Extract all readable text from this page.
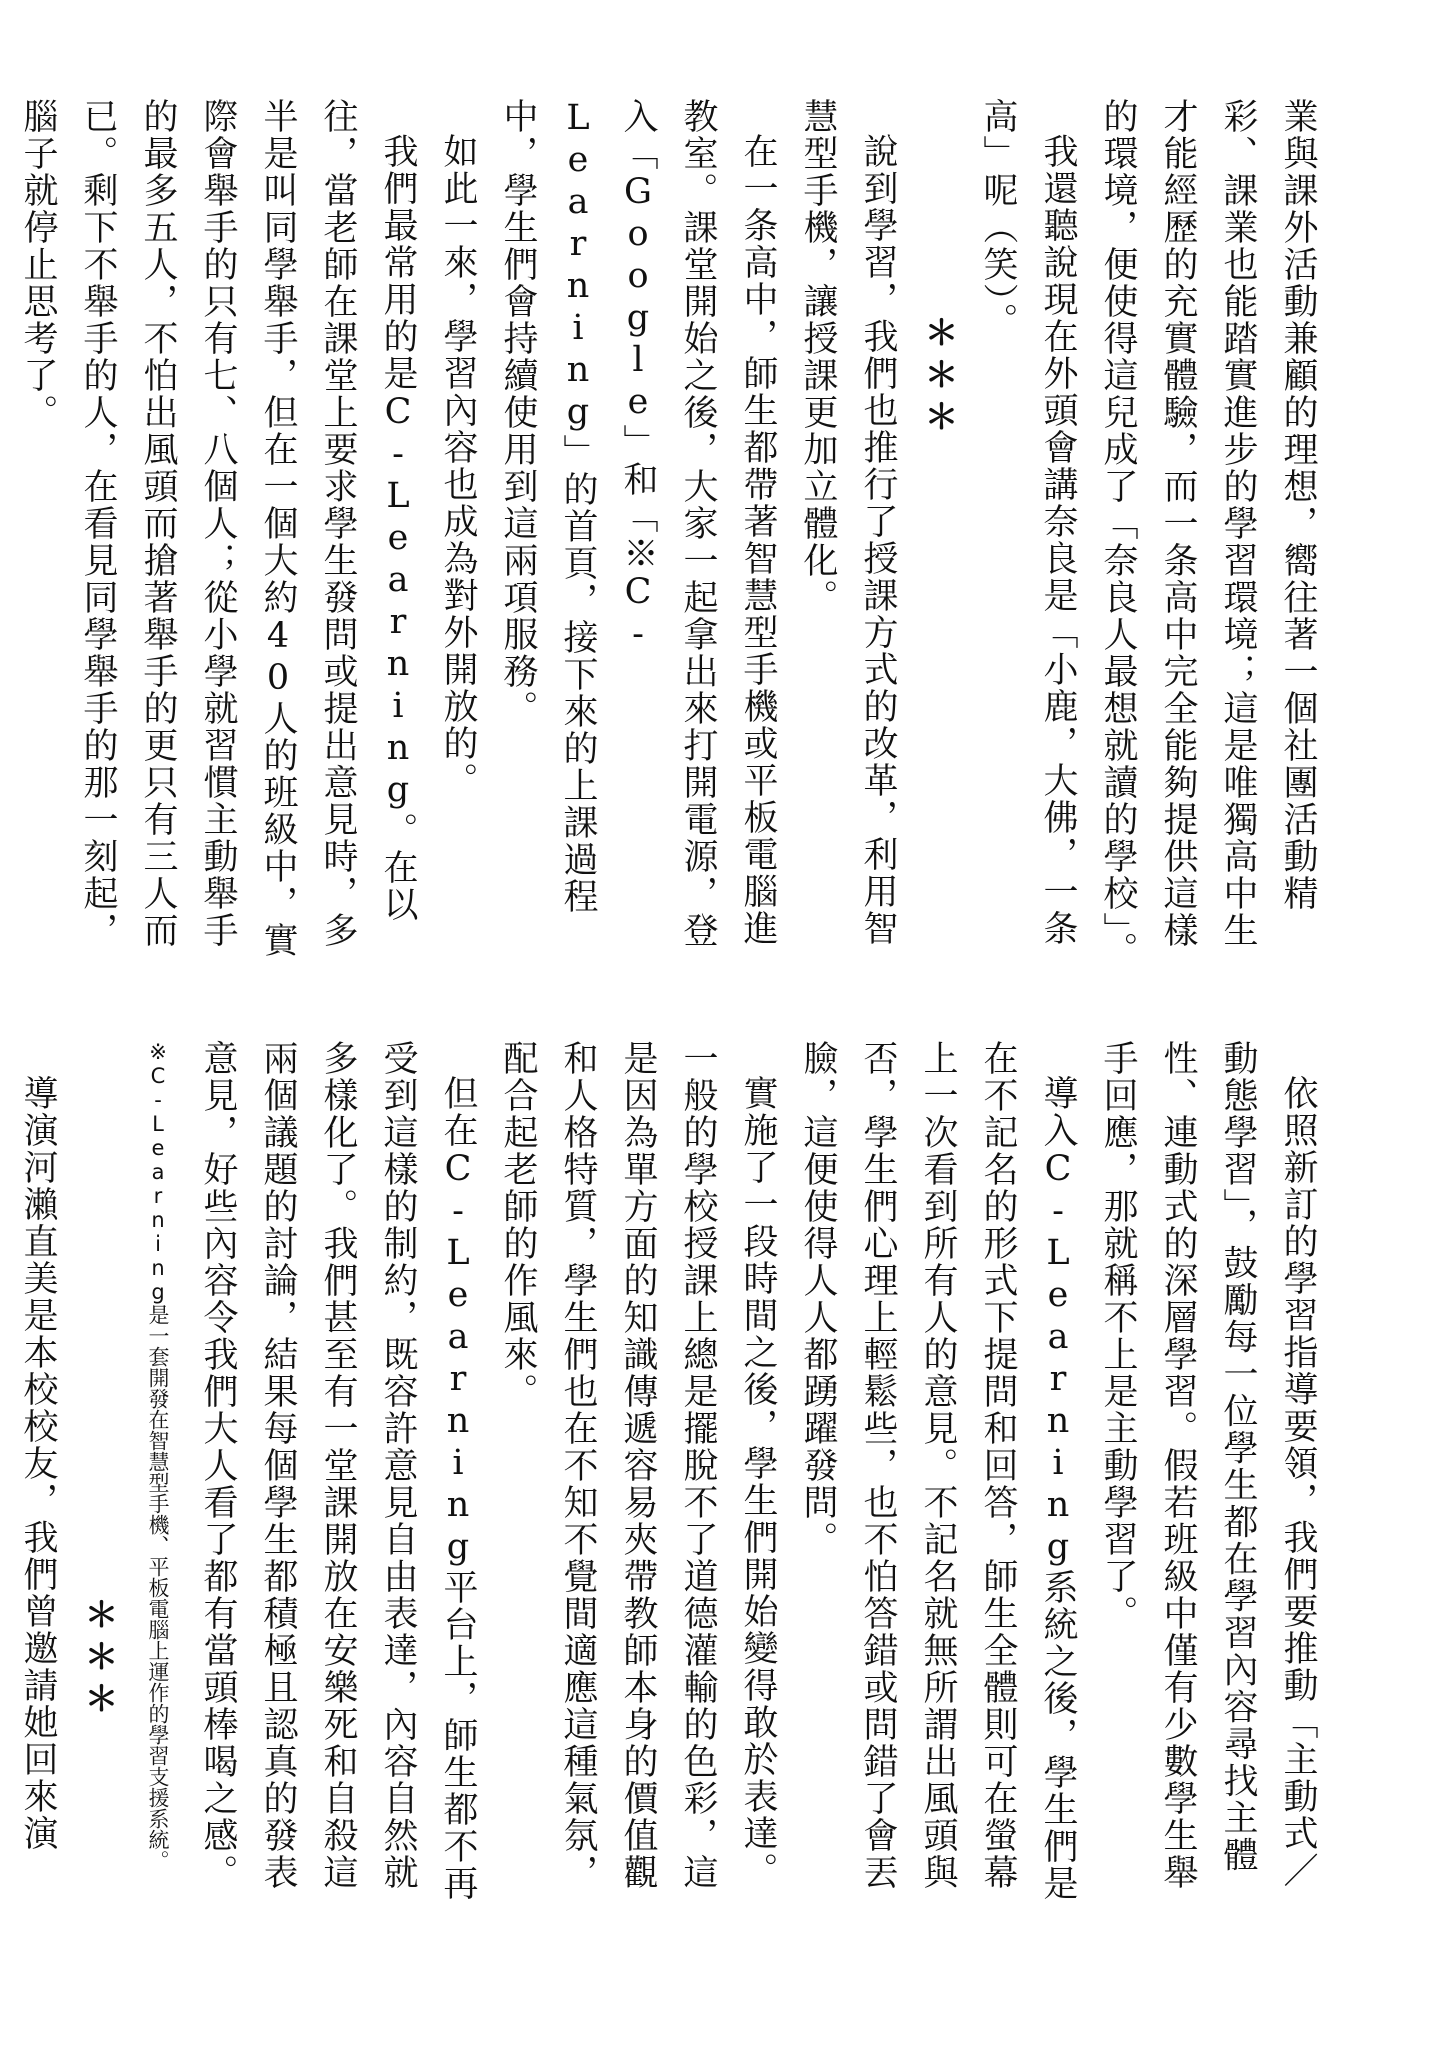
業與課外活動兼顧的理想，嚮往著一個社團活動精彩、課業也能踏實進步的學習環境；這是唯獨高中生才能經歷的充實體驗，而一条高中完全能夠提供這樣的環境，便使得這兒成了「奈良人最想就讀的學校」。

我還聽說現在外頭會講奈良是「小鹿，大佛，一条高」呢（笑）。

＊＊＊

說到學習，我們也推行了授課方式的改革，利用智慧型手機，讓授課更加立體化。

在一条高中，師生都帶著智慧型手機或平板電腦進教室。課堂開始之後，大家一起拿出來打開電源，登入「Google」和「※C-Learning」的首頁，接下來的上課過程中，學生們會持續使用到這兩項服務。

如此一來，學習內容也成為對外開放的。

我們最常用的是C-Learning。在以往，當老師在課堂上要求學生發問或提出意見時，多半是叫同學舉手，但在一個大約40人的班級中，實際會舉手的只有七、八個人；從小學就習慣主動舉手的最多五人，不怕出風頭而搶著舉手的更只有三人而已。剩下不舉手的人，在看見同學舉手的那一刻起，腦子就停止思考了。

依照新訂的學習指導要領，我們要推動「主動式／動態學習」，鼓勵每一位學生都在學習內容尋找主體性、連動式的深層學習。假若班級中僅有少數學生舉手回應，那就稱不上是主動學習了。

導入C-Learning系統之後，學生們是在不記名的形式下提問和回答，師生全體則可在螢幕上一次看到所有人的意見。不記名就無所謂出風頭與否，學生們心理上輕鬆些，也不怕答錯或問錯了會丟臉，這便使得人人都踴躍發問。

實施了一段時間之後，學生們開始變得敢於表達。一般的學校授課上總是擺脫不了道德灌輸的色彩，這是因為單方面的知識傳遞容易夾帶教師本身的價值觀和人格特質，學生們也在不知不覺間適應這種氣氛，配合起老師的作風來。

但在C-Learning平台上，師生都不再受到這樣的制約，既容許意見自由表達，內容自然就多樣化了。我們甚至有一堂課開放在安樂死和自殺這兩個議題的討論，結果每個學生都積極且認真的發表意見，好些內容令我們大人看了都有當頭棒喝之感。

※C-Learning是一套開發在智慧型手機、平板電腦上運作的學習支援系統。

＊＊＊

導演河瀨直美是本校校友，我們曾邀請她回來演
